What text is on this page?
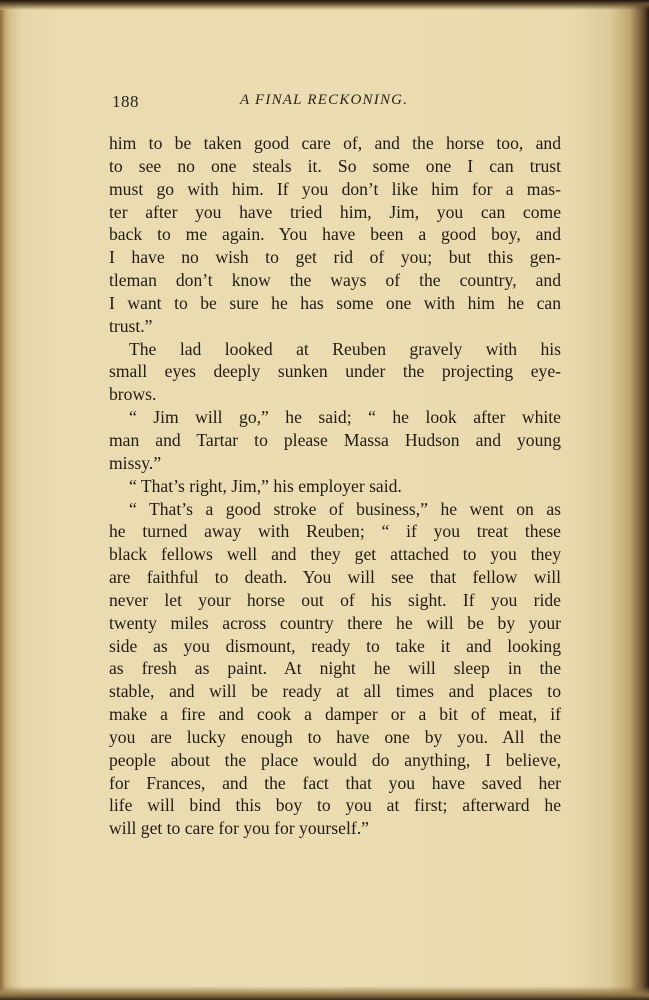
188	A FINAL RECKONING.
him to be taken good care of, and the horse too, and
to see no one steals it. So some one I can trust
must go with him. If you don’t like him for a mas-
ter after you have tried him, Jim, you can come
back to me again. You have been a good boy, and
I have no wish to get rid of you; but this gen-
tleman don’t know the ways of the country, and
I want to be sure he has some one with him he can
trust.”
The lad looked at Reuben gravely with his
small eyes deeply sunken under the projecting eye-
brows.
“ Jim will go,” he said; “ he look after white
man and Tartar to please Massa Hudson and young
missy.”
“ That’s right, Jim,” his employer said.
“ That’s a good stroke of business,” he went on as
he turned away with Reuben; “ if you treat these
black fellows well and they get attached to you they
are faithful to death. You will see that fellow will
never let your horse out of his sight. If you ride
twenty miles across country there he will be by your
side as you dismount, ready to take it and looking
as fresh as paint. At night he will sleep in the
stable, and will be ready at all times and places to
make a fire and cook a damper or a bit of meat, if
you are lucky enough to have one by you. All the
people about the place would do anything, I believe,
for Frances, and the fact that you have saved her
life will bind this boy to you at first; afterward he
will get to care for you for yourself.”
